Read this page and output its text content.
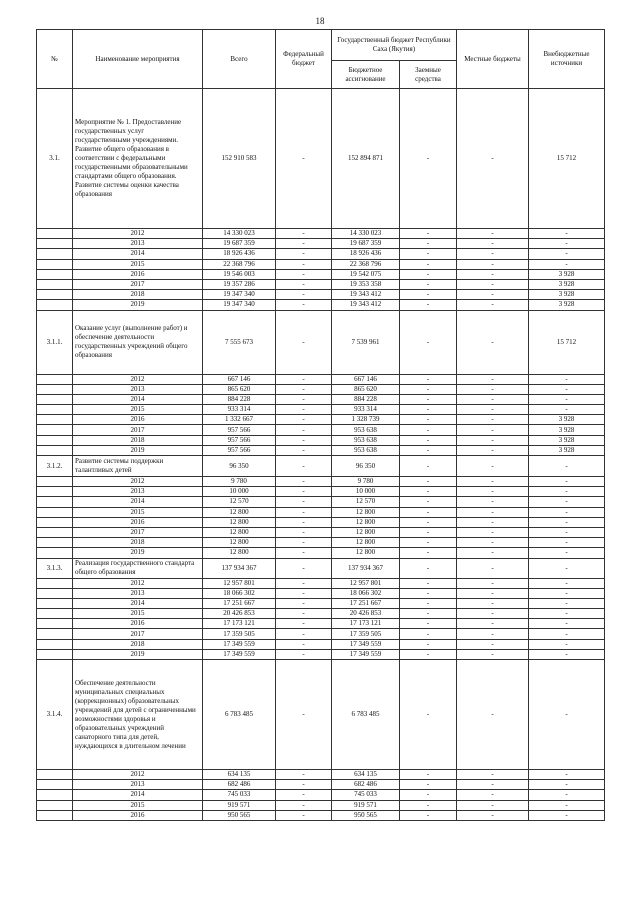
18
№	Наименование мероприятия	Всего	Федеральный бюджет	Государственный бюджет Республики Саха (Якутия)		Местные бюджеты	Внебюджетные источники
				Бюджетное ассигнование	Заемные средства		
3.1.	Мероприятие № 1. Предоставление государственных услуг государственными учреждениями. Развитие общего образования в соответствии с федеральными государственными образовательными стандартами общего образования. Развитие системы оценки качества образования	152 910 583	-	152 894 871	-	-	15 712
	2012	14 330 023	-	14 330 023	-	-	-
	2013	19 687 359	-	19 687 359	-	-	-
	2014	18 926 436	-	18 926 436	-	-	-
	2015	22 368 796	-	22 368 796	-	-	-
	2016	19 546 003	-	19 542 075	-	-	3 928
	2017	19 357 286	-	19 353 358	-	-	3 928
	2018	19 347 340	-	19 343 412	-	-	3 928
	2019	19 347 340	-	19 343 412	-	-	3 928
3.1.1.	Оказание услуг (выполнение работ) и обеспечение деятельности государственных учреждений общего образования	7 555 673	-	7 539 961	-	-	15 712
	2012	667 146	-	667 146	-	-	-
	2013	865 620	-	865 620	-	-	-
	2014	884 228	-	884 228	-	-	-
	2015	933 314	-	933 314	-	-	-
	2016	1 332 667	-	1 328 739	-	-	3 928
	2017	957 566	-	953 638	-	-	3 928
	2018	957 566	-	953 638	-	-	3 928
	2019	957 566	-	953 638	-	-	3 928
3.1.2.	Развитие системы поддержки талантливых детей	96 350	-	96 350	-	-	-
	2012	9 780	-	9 780	-	-	-
	2013	10 000	-	10 000	-	-	-
	2014	12 570	-	12 570	-	-	-
	2015	12 800	-	12 800	-	-	-
	2016	12 800	-	12 800	-	-	-
	2017	12 800	-	12 800	-	-	-
	2018	12 800	-	12 800	-	-	-
	2019	12 800	-	12 800	-	-	-
3.1.3.	Реализация государственного стандарта общего образования	137 934 367	-	137 934 367	-	-	-
	2012	12 957 801	-	12 957 801	-	-	-
	2013	18 066 302	-	18 066 302	-	-	-
	2014	17 251 667	-	17 251 667	-	-	-
	2015	20 426 853	-	20 426 853	-	-	-
	2016	17 173 121	-	17 173 121	-	-	-
	2017	17 359 505	-	17 359 505	-	-	-
	2018	17 349 559	-	17 349 559	-	-	-
	2019	17 349 559	-	17 349 559	-	-	-
3.1.4.	Обеспечение деятельности муниципальных специальных (коррекционных) образовательных учреждений для детей с ограниченными возможностями здоровья и образовательных учреждений санаторного типа для детей, нуждающихся в длительном лечении	6 783 485	-	6 783 485	-	-	-
	2012	634 135	-	634 135	-	-	-
	2013	682 486	-	682 486	-	-	-
	2014	745 033	-	745 033	-	-	-
	2015	919 571	-	919 571	-	-	-
	2016	950 565	-	950 565	-	-	-
